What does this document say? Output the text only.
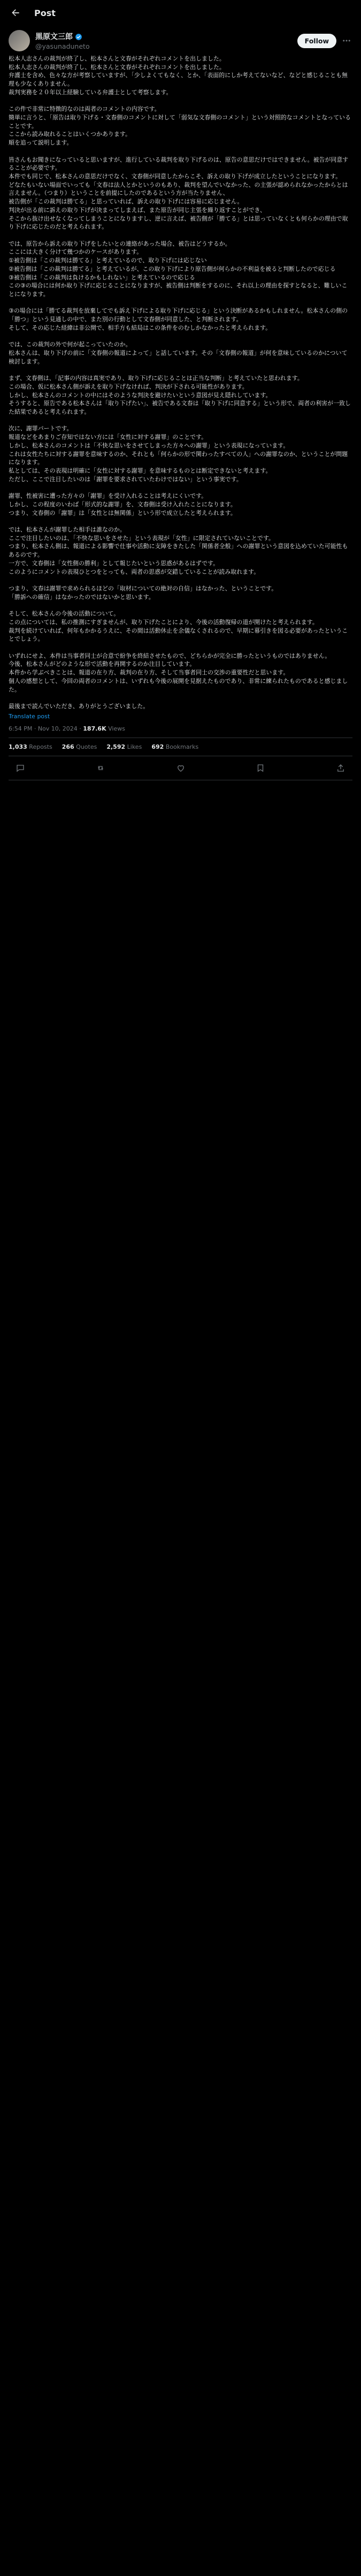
Post
黒原文三郎
@yasunaduneto
Follow

松本人志さんの裁判が終了し、松本さんと文春がそれぞれコメントを出しました。
松本人志さんの裁判が終了し、松本さんと文春がそれぞれコメントを出しました。
弁護士を含め、色々な方が考察していますが、「少しよくてもなく、とか、「表面的にしか考えてないなど、などと感じることも無理も少なくありません。
裁判実務を２０年以上経験している弁護士として考察します。

この件で非常に特徴的なのは両者のコメントの内容です。
簡単に言うと、「原告は取り下げる・文春側のコメントに対して「弱気な文春側のコメント」という対照的なコメントとなっていることです。
ここから読み取れることはいくつかあります。
順を追って説明します。

皆さんもお聞きになっていると思いますが、進行している裁判を取り下げるのは、原告の意思だけではできません。被告が同意することが必要です。
本件でも同じで、松本さんの意思だけでなく、文春側が同意したからこそ、訴えの取り下げが成立したということになります。
どなたもいない場面でいっても「文春は法人とかというのもあり、裁判を望んでいなかった、の主張が認められなかったからとは言えません。（つまり）ということを前提にしたのであるという方が当たりません、
被告側が「この裁判は勝てる」と思っていれば、訴えの取り下げには容易に応じません。
判決が出る前に訴えの取り下げが決まってしまえば、また原告が同じ主張を繰り返すことができ、
そこから抜け出せなくなってしまうことになりますし、逆に言えば、被告側が「勝てる」とは思っていなくとも何らかの理由で取り下げに応じたのだと考えられます。

では、原告から訴えの取り下げをしたいとの連絡があった場合、被告はどうするか。
ここには大きく分けて幾つかのケースがあります。
①被告側は「この裁判は勝てる」と考えているので、取り下げには応じない
②被告側は「この裁判は勝てる」と考えているが、この取り下げにより原告側が何らかの不利益を被ると判断したので応じる
③被告側は「この裁判は負けるかもしれない」と考えているので応じる
この③の場合には何か取り下げに応じることになりますが、被告側は判断をするのに、それ以上の理由を探すとなると、難しいことになります。

③の場合には「勝てる裁判を放棄してでも訴え下げによる取り下げに応じる」という決断があるかもしれません。松本さんの側の「勝つ」という見通しの中で、また別の行動として文春側が同意した、と判断されます。
そして、その応じた経緯は非公開で、相手方も結局はこの条件をのむしかなかったと考えられます。

では、この裁判の外で何が起こっていたのか。
松本さんは、取り下げの前に「文春側の報道によって」と話しています。その「文春側の報道」が何を意味しているのかについて検討します。

まず、文春側は、「記事の内容は真実であり、取り下げに応じることは正当な判断」と考えていたと思われます。
この場合、仮に松本さん側が訴えを取り下げなければ、判決が下される可能性があります。
しかし、松本さんのコメントの中にはそのような判決を避けたいという意図が見え隠れしています。
そうすると、原告である松本さんは「取り下げたい」、被告である文春は「取り下げに同意する」という形で、両者の利害が一致した結果であると考えられます。

次に、謝罪パートです。
報道などをあまりご存知ではない方には「女性に対する謝罪」のことです。
しかし、松本さんのコメントは「不快な思いをさせてしまった方々への謝罪」という表現になっています。
これは女性たちに対する謝罪を意味するのか、それとも「何らかの形で関わったすべての人」への謝罪なのか、ということが問題になります。
私としては、その表現は明確に「女性に対する謝罪」を意味するものとは断定できないと考えます。
ただし、ここで注目したいのは「謝罪を要求されていたわけではない」という事実です。

謝罪、性被害に遭った方々の「謝罪」を受け入れることは考えにくいです。
しかし、この程度のいわば「形式的な謝罪」を、文春側は受け入れたことになります。
つまり、文春側の「謝罪」は「女性とは無関係」という形で成立したと考えられます。

では、松本さんが謝罪した相手は誰なのか。
ここで注目したいのは、「不快な思いをさせた」という表現が「女性」に限定されていないことです。
つまり、松本さん側は、報道による影響で仕事や活動に支障をきたした「関係者全般」への謝罪という意図を込めていた可能性もあるのです。
一方で、文春側は「女性側の勝利」として報じたいという思惑があるはずです。
このようにコメントの表現ひとつをとっても、両者の思惑が交錯していることが読み取れます。

つまり、文春は謝罪で求められるほどの「取材についての絶対の自信」はなかった、ということです。
「勝訴への確信」はなかったのではないかと思います。

そして、松本さんの今後の活動について。
この点については、私の推測にすぎませんが、取り下げたことにより、今後の活動復帰の道が開けたと考えられます。
裁判を続けていれば、何年もかかるうえに、その間は活動休止を余儀なくされるので、早期に幕引きを図る必要があったということでしょう。

いずれにせよ、本件は当事者同士が合意で紛争を終結させたもので、どちらかが完全に勝ったというものではありません。
今後、松本さんがどのような形で活動を再開するのか注目しています。
本件から学ぶべきことは、報道の在り方、裁判の在り方、そして当事者同士の交渉の重要性だと思います。
個人の感想として、今回の両者のコメントは、いずれも今後の展開を見据えたものであり、非常に練られたものであると感じました。

最後まで読んでいただき、ありがとうございました。

Translate post
6:54 PM · Nov 10, 2024 · 187.6K Views
1,033 Reposts 266 Quotes 2,592 Likes 692 Bookmarks
